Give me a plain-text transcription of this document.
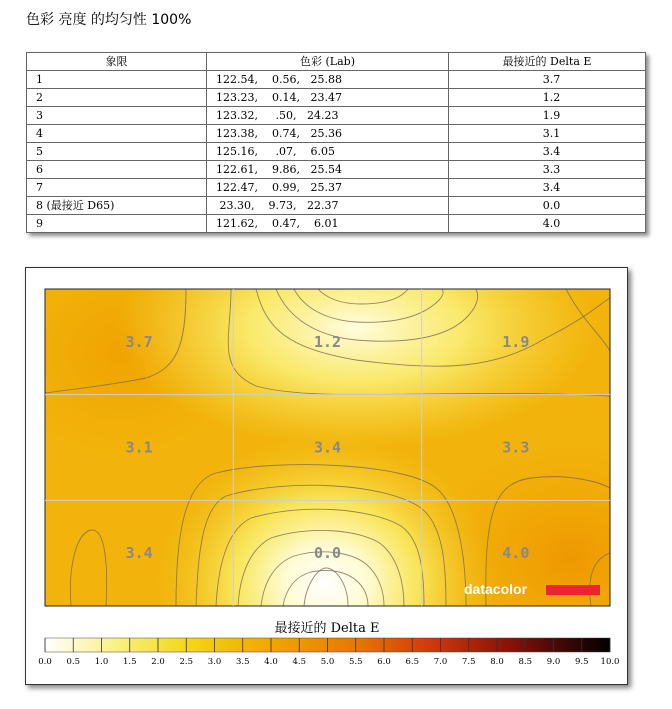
色彩 亮度 的均匀性 100%
象限	色彩 (Lab)	最接近的 Delta E
1	122.54,    0.56,   25.88	3.7
2	123.23,    0.14,   23.47	1.2
3	123.32,     .50,   24.23	1.9
4	123.38,    0.74,   25.36	3.1
5	125.16,     .07,    6.05	3.4
6	122.61,    9.86,   25.54	3.3
7	122.47,    0.99,   25.37	3.4
8 (最接近 D65)	23.30,    9.73,   22.37	0.0
9	121.62,    0.47,    6.01	4.0
3.7	1.2	1.9
3.1	3.4	3.3
3.4	0.0	4.0
datacolor
最接近的 Delta E
0.0 0.5 1.0 1.5 2.0 2.5 3.0 3.5 4.0 4.5 5.0 5.5 6.0 6.5 7.0 7.5 8.0 8.5 9.0 9.5 10.0
